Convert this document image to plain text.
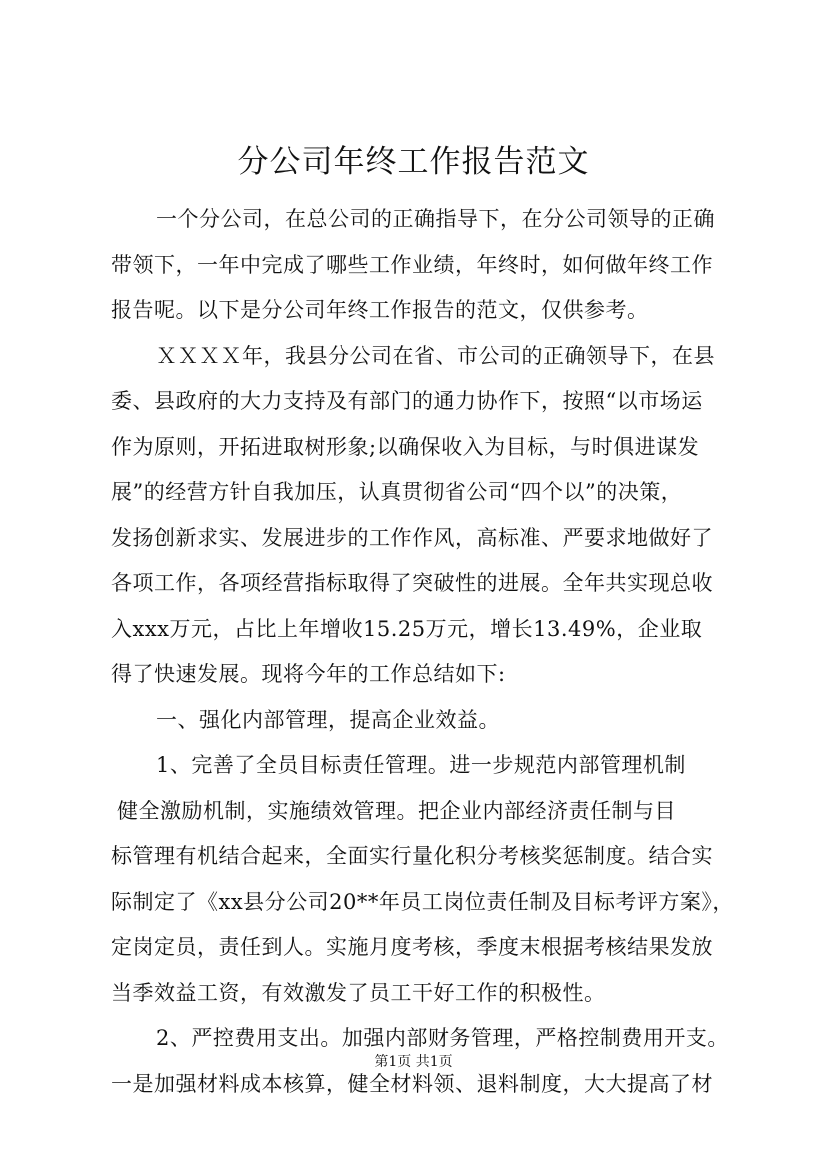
分公司年终工作报告范文
一个分公司，在总公司的正确指导下，在分公司领导的正确
带领下，一年中完成了哪些工作业绩，年终时，如何做年终工作
报告呢。以下是分公司年终工作报告的范文，仅供参考。
ＸＸＸＸ年，我县分公司在省、市公司的正确领导下，在县
委、县政府的大力支持及有部门的通力协作下，按照“以市场运
作为原则，开拓进取树形象;以确保收入为目标，与时俱进谋发
展”的经营方针自我加压，认真贯彻省公司“四个以”的决策，
发扬创新求实、发展进步的工作作风，高标准、严要求地做好了
各项工作，各项经营指标取得了突破性的进展。全年共实现总收
入xxx万元，占比上年增收15.25万元，增长13.49%，企业取
得了快速发展。现将今年的工作总结如下:
一、强化内部管理，提高企业效益。
1、完善了全员目标责任管理。进一步规范内部管理机制
健全激励机制，实施绩效管理。把企业内部经济责任制与目
标管理有机结合起来，全面实行量化积分考核奖惩制度。结合实
际制定了《xx县分公司20**年员工岗位责任制及目标考评方案》，
定岗定员，责任到人。实施月度考核，季度末根据考核结果发放
当季效益工资，有效激发了员工干好工作的积极性。
2、严控费用支出。加强内部财务管理，严格控制费用开支。
一是加强材料成本核算，健全材料领、退料制度，大大提高了材
第1页 共1页
